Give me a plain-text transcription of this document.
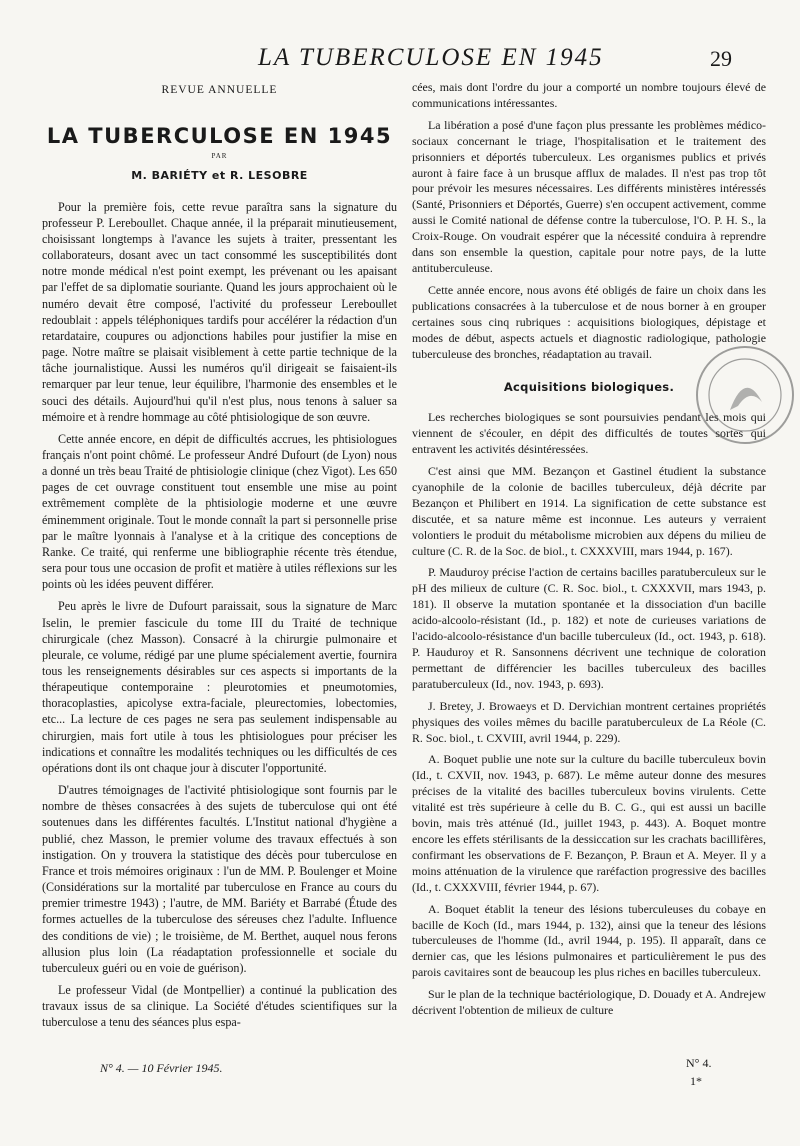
LA TUBERCULOSE EN 1945	29
REVUE ANNUELLE
LA TUBERCULOSE EN 1945
PAR
M. BARIÉTY et R. LESOBRE

Pour la première fois, cette revue paraîtra sans la signature du professeur P. Lereboullet. Chaque année, il la préparait minutieusement, choisissant longtemps à l'avance les sujets à traiter, pressentant les collaborateurs, dosant avec un tact consommé les susceptibilités dont notre monde médical n'est point exempt, les prévenant ou les apaisant par l'effet de sa diplomatie souriante. Quand les jours approchaient où le numéro devait être composé, l'activité du professeur Lereboullet redoublait : appels téléphoniques tardifs pour accélérer la rédaction d'un retardataire, coupures ou adjonctions habiles pour justifier la mise en page. Notre maître se plaisait visiblement à cette partie technique de la tâche journalistique. Aussi les numéros qu'il dirigeait se faisaient-ils remarquer par leur tenue, leur équilibre, l'harmonie des ensembles et le souci des détails. Aujourd'hui qu'il n'est plus, nous tenons à saluer sa mémoire et à rendre hommage au côté phtisiologique de son œuvre.

Cette année encore, en dépit de difficultés accrues, les phtisiologues français n'ont point chômé. Le professeur André Dufourt (de Lyon) nous a donné un très beau Traité de phtisiologie clinique (chez Vigot). Les 650 pages de cet ouvrage constituent tout ensemble une mise au point extrêmement complète de la phtisiologie moderne et une œuvre éminemment originale. Tout le monde connaît la part si personnelle prise par le maître lyonnais à l'analyse et à la critique des conceptions de Ranke. Ce traité, qui renferme une bibliographie récente très étendue, sera pour tous une occasion de profit et matière à utiles réflexions sur les points où les idées peuvent différer.

Peu après le livre de Dufourt paraissait, sous la signature de Marc Iselin, le premier fascicule du tome III du Traité de technique chirurgicale (chez Masson). Consacré à la chirurgie pulmonaire et pleurale, ce volume, rédigé par une plume spécialement avertie, fournira tous les renseignements désirables sur ces aspects si importants de la thérapeutique contemporaine : pleurotomies et pneumotomies, thoracoplasties, apicolyse extra-faciale, pleurectomies, lobectomies, etc... La lecture de ces pages ne sera pas seulement indispensable au chirurgien, mais fort utile à tous les phtisiologues pour préciser les indications et connaître les modalités techniques ou les difficultés de ces opérations dont ils ont chaque jour à discuter l'opportunité.

D'autres témoignages de l'activité phtisiologique sont fournis par le nombre de thèses consacrées à des sujets de tuberculose qui ont été soutenues dans les différentes facultés. L'Institut national d'hygiène a publié, chez Masson, le premier volume des travaux effectués à son instigation. On y trouvera la statistique des décès pour tuberculose en France et trois mémoires originaux : l'un de MM. P. Boulenger et Moine (Considérations sur la mortalité par tuberculose en France au cours du premier trimestre 1943) ; l'autre, de MM. Bariéty et Barrabé (Étude des formes actuelles de la tuberculose des séreuses chez l'adulte. Influence des conditions de vie) ; le troisième, de M. Berthet, auquel nous ferons allusion plus loin (La réadaptation professionnelle et sociale du tuberculeux guéri ou en voie de guérison).

Le professeur Vidal (de Montpellier) a continué la publication des travaux issus de sa clinique. La Société d'études scientifiques sur la tuberculose a tenu des séances plus espa-

cées, mais dont l'ordre du jour a comporté un nombre toujours élevé de communications intéressantes.

La libération a posé d'une façon plus pressante les problèmes médico-sociaux concernant le triage, l'hospitalisation et le traitement des prisonniers et déportés tuberculeux. Les organismes publics et privés auront à faire face à un brusque afflux de malades. Il n'est pas trop tôt pour prévoir les mesures nécessaires. Les différents ministères intéressés (Santé, Prisonniers et Déportés, Guerre) s'en occupent activement, comme aussi le Comité national de défense contre la tuberculose, l'O. P. H. S., la Croix-Rouge. On voudrait espérer que la nécessité conduira à reprendre dans son ensemble la question, capitale pour notre pays, de la lutte antituberculeuse.

Cette année encore, nous avons été obligés de faire un choix dans les publications consacrées à la tuberculose et de nous borner à en grouper certaines sous cinq rubriques : acquisitions biologiques, dépistage et modes de début, aspects actuels et diagnostic radiologique, pathologie tuberculeuse des bronches, réadaptation au travail.

Acquisitions biologiques.

Les recherches biologiques se sont poursuivies pendant les mois qui viennent de s'écouler, en dépit des difficultés de toutes sortes qui entravent les activités désintéressées.

C'est ainsi que MM. Bezançon et Gastinel étudient la substance cyanophile de la colonie de bacilles tuberculeux, déjà décrite par Bezançon et Philibert en 1914. La signification de cette substance est discutée, et sa nature même est inconnue. Les auteurs y verraient volontiers le produit du métabolisme microbien aux dépens du milieu de culture (C. R. de la Soc. de biol., t. CXXXVIII, mars 1944, p. 167).

P. Mauduroy précise l'action de certains bacilles paratuberculeux sur le pH des milieux de culture (C. R. Soc. biol., t. CXXXVII, mars 1943, p. 181). Il observe la mutation spontanée et la dissociation d'un bacille acido-alcoolo-résistant (Id., p. 182) et note de curieuses variations de l'acido-alcoolo-résistance d'un bacille tuberculeux (Id., oct. 1943, p. 618). P. Hauduroy et R. Sansonnens décrivent une technique de coloration permettant de différencier les bacilles tuberculeux des bacilles paratuberculeux (Id., nov. 1943, p. 693).

J. Bretey, J. Browaeys et D. Dervichian montrent certaines propriétés physiques des voiles mêmes du bacille paratuberculeux de La Réole (C. R. Soc. biol., t. CXVIII, avril 1944, p. 229).

A. Boquet publie une note sur la culture du bacille tuberculeux bovin (Id., t. CXVII, nov. 1943, p. 687). Le même auteur donne des mesures précises de la vitalité des bacilles tuberculeux bovins virulents. Cette vitalité est très supérieure à celle du B. C. G., qui est aussi un bacille bovin, mais très atténué (Id., juillet 1943, p. 443). A. Boquet montre encore les effets stérilisants de la dessiccation sur les crachats bacillifères, confirmant les observations de F. Bezançon, P. Braun et A. Meyer. Il y a moins atténuation de la virulence que raréfaction progressive des bacilles (Id., t. CXXXVIII, février 1944, p. 67).

A. Boquet établit la teneur des lésions tuberculeuses du cobaye en bacille de Koch (Id., mars 1944, p. 132), ainsi que la teneur des lésions tuberculeuses de l'homme (Id., avril 1944, p. 195). Il apparaît, dans ce dernier cas, que les lésions pulmonaires et particulièrement le pus des parois cavitaires sont de beaucoup les plus riches en bacilles tuberculeux.

Sur le plan de la technique bactériologique, D. Douady et A. Andrejew décrivent l'obtention de milieux de culture

N° 4. — 10 Février 1945.	N° 4.
1*
